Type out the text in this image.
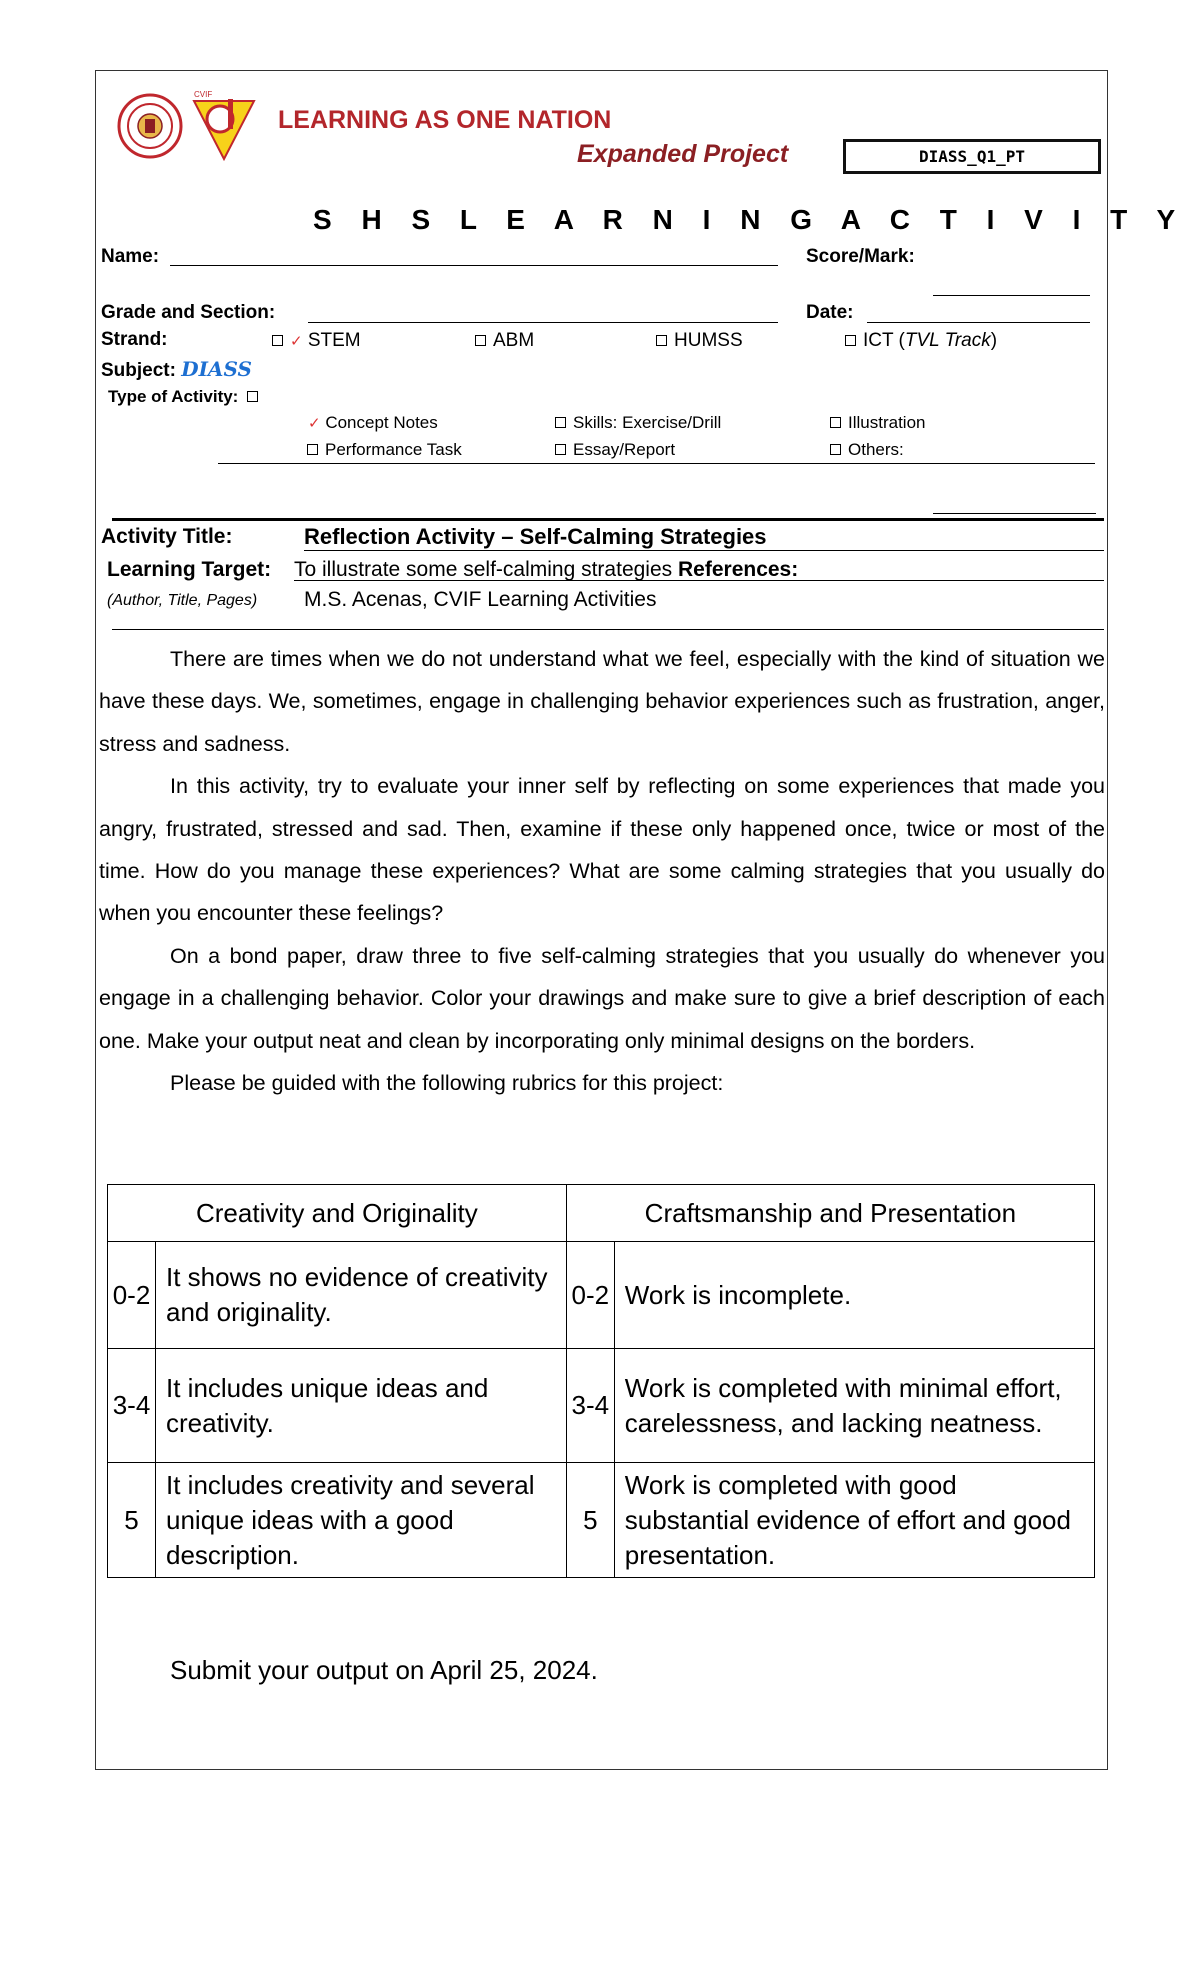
CVIF
LEARNING AS ONE NATION
Expanded Project	DIASS_Q1_PT
S H S L E A R N I N G A C T I V I T Y
Name:	Score/Mark:
Grade and Section:	Date:
Strand:	✓ STEM	ABM	HUMSS	ICT (TVL Track)
Subject: DIASS
Type of Activity:
✓ Concept Notes	Skills: Exercise/Drill	Illustration
Performance Task	Essay/Report	Others:
Activity Title:	Reflection Activity – Self-Calming Strategies
Learning Target: To illustrate some self-calming strategies References:
(Author, Title, Pages) M.S. Acenas, CVIF Learning Activities

There are times when we do not understand what we feel, especially with the kind of situation we have these days. We, sometimes, engage in challenging behavior experiences such as frustration, anger, stress and sadness.

In this activity, try to evaluate your inner self by reflecting on some experiences that made you angry, frustrated, stressed and sad. Then, examine if these only happened once, twice or most of the time. How do you manage these experiences? What are some calming strategies that you usually do when you encounter these feelings?

On a bond paper, draw three to five self-calming strategies that you usually do whenever you engage in a challenging behavior. Color your drawings and make sure to give a brief description of each one. Make your output neat and clean by incorporating only minimal designs on the borders.

Please be guided with the following rubrics for this project:

Creativity and Originality		Craftsmanship and Presentation	
0-2	It shows no evidence of creativity and originality.	0-2	Work is incomplete.
3-4	It includes unique ideas and creativity.	3-4	Work is completed with minimal effort, carelessness, and lacking neatness.
5	It includes creativity and several unique ideas with a good description.	5	Work is completed with good substantial evidence of effort and good presentation.
Submit your output on April 25, 2024.
